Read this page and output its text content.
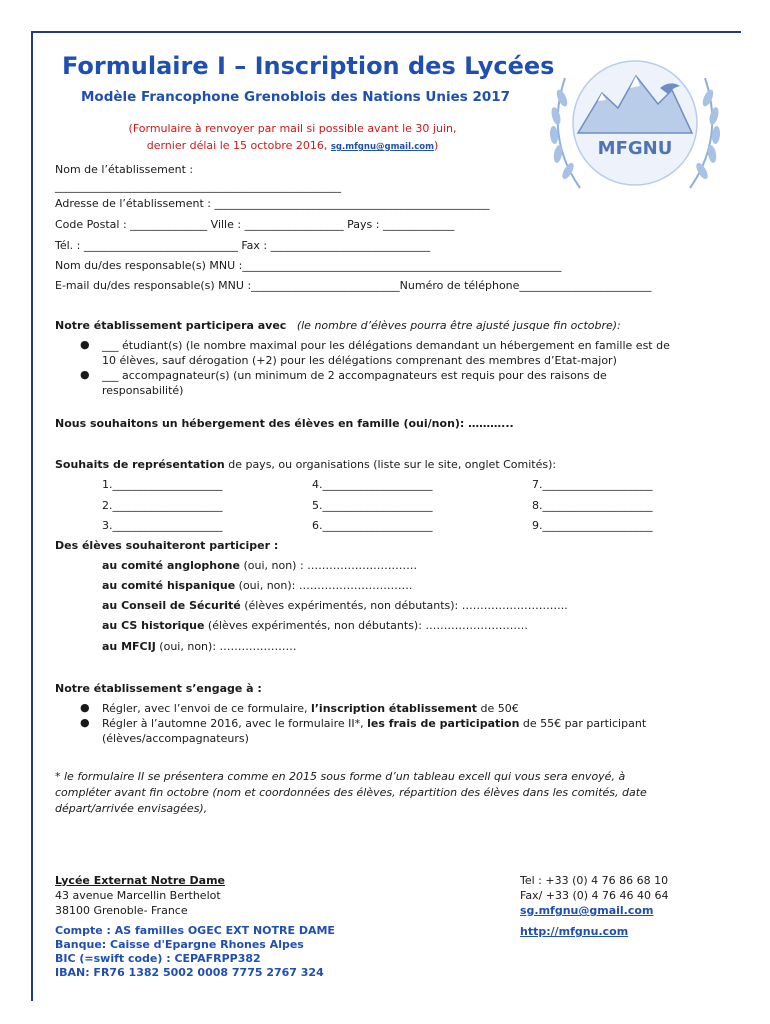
Formulaire I – Inscription des Lycées
Modèle Francophone Grenoblois des Nations Unies 2017
(Formulaire à renvoyer par mail si possible avant le 30 juin,
dernier délai le 15 octobre 2016, sg.mfgnu@gmail.com)	MFGNU
Nom de l’établissement :
____________________________________________________
Adresse de l’établissement : __________________________________________________
Code Postal : ______________ Ville : __________________ Pays : _____________
Tél. : ____________________________ Fax : _____________________________
Nom du/des responsable(s) MNU :__________________________________________________________
E-mail du/des responsable(s) MNU :___________________________Numéro de téléphone________________________
Notre établissement participera avec (le nombre d’élèves pourra être ajusté jusque fin octobre):
● ___ étudiant(s) (le nombre maximal pour les délégations demandant un hébergement en famille est de
10 élèves, sauf dérogation (+2) pour les délégations comprenant des membres d’Etat-major)
● ___ accompagnateur(s) (un minimum de 2 accompagnateurs est requis pour des raisons de
responsabilité)
Nous souhaitons un hébergement des élèves en famille (oui/non): ………...
Souhaits de représentation de pays, ou organisations (liste sur le site, onglet Comités):
1.____________________
2.____________________
3.____________________
4.____________________
5.____________________
6.____________________
7.____________________
8.____________________
9.____________________
Des élèves souhaiteront participer :
au comité anglophone (oui, non) : …………………………
au comité hispanique (oui, non): ………………………….
au Conseil de Sécurité (élèves expérimentés, non débutants): ………………………..
au CS historique (élèves expérimentés, non débutants): ……………………….
au MFCIJ (oui, non): …………………
Notre établissement s’engage à :
● Régler, avec l’envoi de ce formulaire, l’inscription établissement de 50€
● Régler à l’automne 2016, avec le formulaire II*, les frais de participation de 55€ par participant
(élèves/accompagnateurs)
* le formulaire II se présentera comme en 2015 sous forme d’un tableau excell qui vous sera envoyé, à
compléter avant fin octobre (nom et coordonnées des élèves, répartition des élèves dans les comités, date
départ/arrivée envisagées),
Lycée Externat Notre Dame
43 avenue Marcellin Berthelot
38100 Grenoble- France
Tel : +33 (0) 4 76 86 68 10
Fax/ +33 (0) 4 76 46 40 64
sg.mfgnu@gmail.com
http://mfgnu.com
Compte : AS familles OGEC EXT NOTRE DAME
Banque: Caisse d'Epargne Rhones Alpes
BIC (=swift code) : CEPAFRPP382
IBAN: FR76 1382 5002 0008 7775 2767 324
